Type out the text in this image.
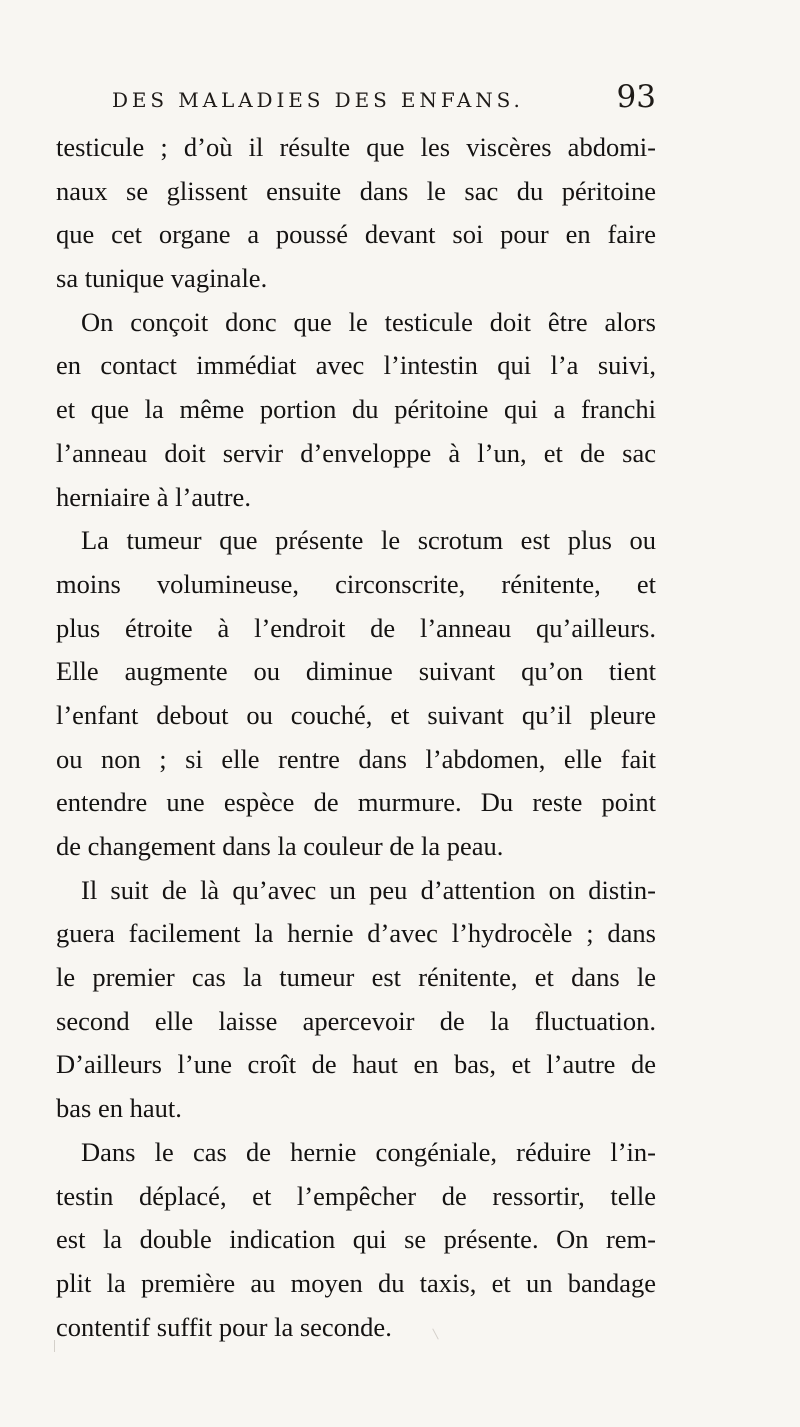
DES MALADIES DES ENFANS.	93

testicule ; d’où il résulte que les viscères abdomi-
naux se glissent ensuite dans le sac du péritoine
que cet organe a poussé devant soi pour en faire
sa tunique vaginale.

On conçoit donc que le testicule doit être alors
en contact immédiat avec l’intestin qui l’a suivi,
et que la même portion du péritoine qui a franchi
l’anneau doit servir d’enveloppe à l’un, et de sac
herniaire à l’autre.

La tumeur que présente le scrotum est plus ou
moins volumineuse, circonscrite, rénitente, et
plus étroite à l’endroit de l’anneau qu’ailleurs.
Elle augmente ou diminue suivant qu’on tient
l’enfant debout ou couché, et suivant qu’il pleure
ou non ; si elle rentre dans l’abdomen, elle fait
entendre une espèce de murmure. Du reste point
de changement dans la couleur de la peau.

Il suit de là qu’avec un peu d’attention on distin-
guera facilement la hernie d’avec l’hydrocèle ; dans
le premier cas la tumeur est rénitente, et dans le
second elle laisse apercevoir de la fluctuation.
D’ailleurs l’une croît de haut en bas, et l’autre de
bas en haut.

Dans le cas de hernie congéniale, réduire l’in-
testin déplacé, et l’empêcher de ressortir, telle
est la double indication qui se présente. On rem-
plit la première au moyen du taxis, et un bandage
contentif suffit pour la seconde.
